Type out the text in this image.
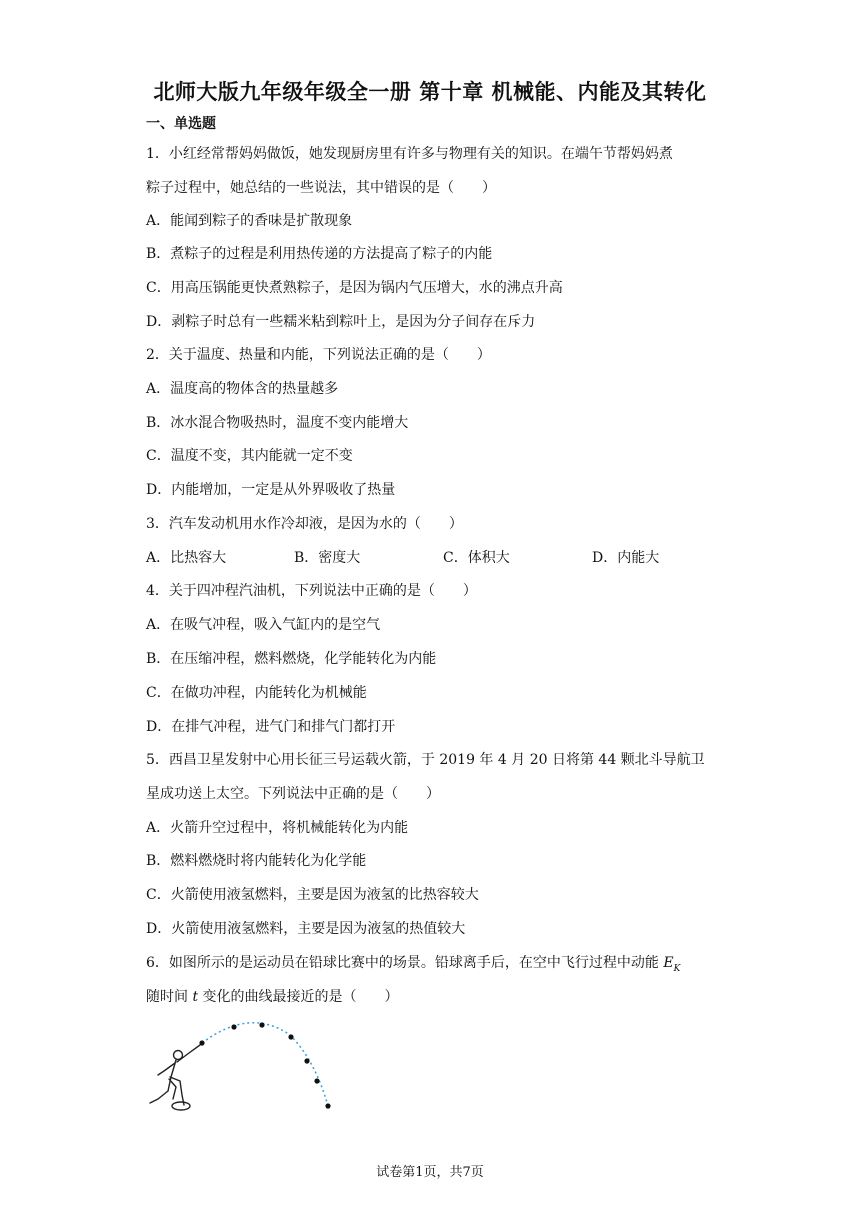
北师大版九年级年级全一册 第十章 机械能、内能及其转化
一、单选题
1．小红经常帮妈妈做饭，她发现厨房里有许多与物理有关的知识。在端午节帮妈妈煮
粽子过程中，她总结的一些说法，其中错误的是（　　）
A．能闻到粽子的香味是扩散现象
B．煮粽子的过程是利用热传递的方法提高了粽子的内能
C．用高压锅能更快煮熟粽子，是因为锅内气压增大，水的沸点升高
D．剥粽子时总有一些糯米粘到粽叶上，是因为分子间存在斥力
2．关于温度、热量和内能，下列说法正确的是（　　）
A．温度高的物体含的热量越多
B．冰水混合物吸热时，温度不变内能增大
C．温度不变，其内能就一定不变
D．内能增加，一定是从外界吸收了热量
3．汽车发动机用水作冷却液，是因为水的（　　）
A．比热容大	B．密度大	C．体积大	D．内能大
4．关于四冲程汽油机，下列说法中正确的是（　　）
A．在吸气冲程，吸入气缸内的是空气
B．在压缩冲程，燃料燃烧，化学能转化为内能
C．在做功冲程，内能转化为机械能
D．在排气冲程，进气门和排气门都打开
5．西昌卫星发射中心用长征三号运载火箭，于 2019 年 4 月 20 日将第 44 颗北斗导航卫
星成功送上太空。下列说法中正确的是（　　）
A．火箭升空过程中，将机械能转化为内能
B．燃料燃烧时将内能转化为化学能
C．火箭使用液氢燃料，主要是因为液氢的比热容较大
D．火箭使用液氢燃料，主要是因为液氢的热值较大
6．如图所示的是运动员在铅球比赛中的场景。铅球离手后，在空中飞行过程中动能 $E_K$
随时间 t 变化的曲线最接近的是（　　）
试卷第1页，共7页
